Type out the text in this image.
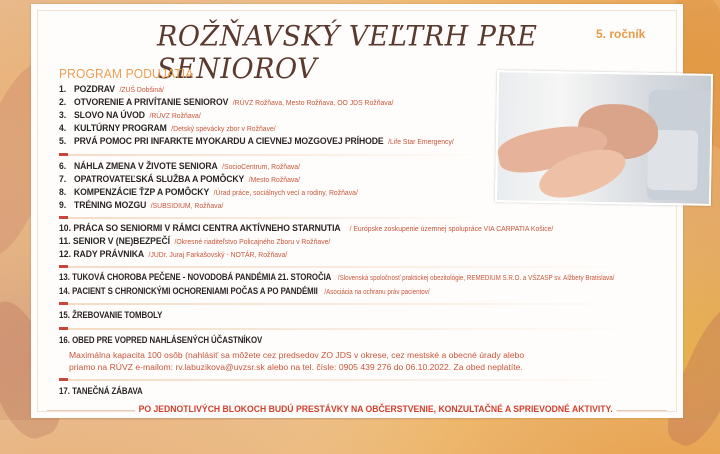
ROŽŇAVSKÝ VEĽTRH PRE SENIOROV
5. ročník
PROGRAM PODUJATIA
1. POZDRAV /ZUŠ Dobšiná/
2. OTVORENIE A PRIVÍTANIE SENIOROV /RÚVZ Rožňava, Mesto Rožňava, OO JDS Rožňava/
3. SLOVO NA ÚVOD /RÚVZ Rožňava/
4. KULTÚRNY PROGRAM /Detský spevácky zbor v Rožňave/
5. PRVÁ POMOC PRI INFARKTE MYOKARDU A CIEVNEJ MOZGOVEJ PRÍHODE /Life Star Emergency/
6. NÁHLA ZMENA V ŽIVOTE SENIORA /SocioCentrum, Rožňava/
7. OPATROVATEĽSKÁ SLUŽBA A POMÔCKY /Mesto Rožňava/
8. KOMPENZÁCIE ŤZP A POMÔCKY /Úrad práce, sociálnych vecí a rodiny, Rožňava/
9. TRÉNING MOZGU /SUBSIDIUM, Rožňava/
10. PRÁCA SO SENIORMI V RÁMCI CENTRA AKTÍVNEHO STARNUTIA / Európske zoskupenie územnej spolupráce VIA CARPATIA Košice/
11. SENIOR V (NE)BEZPEČÍ /Okresné riaditeľstvo Policajného Zboru v Rožňave/
12. RADY PRÁVNIKA /JUDr. Juraj Farkašovský - NOTÁR, Rožňava/
13. TUKOVÁ CHOROBA PEČENE - NOVODOBÁ PANDÉMIA 21. STOROČIA /Slovenská spoločnosť praktickej obezitológie, REMEDIUM S.R.O. a VŠZASP sv. Alžbety Bratislava/
14. PACIENT S CHRONICKÝMI OCHORENIAMI POČAS A PO PANDÉMII /Asociácia na ochranu práv pacientov/
15. ŽREBOVANIE TOMBOLY
16. OBED PRE VOPRED NAHLÁSENÝCH ÚČASTNÍKOV
Maximálna kapacita 100 osôb (nahlásiť sa môžete cez predsedov ZO JDS v okrese, cez mestské a obecné úrady alebo
priamo na RÚVZ e-mailom: rv.labuzikova@uvzsr.sk alebo na tel. čísle: 0905 439 276 do 06.10.2022. Za obed neplatíte.
17. TANEČNÁ ZÁBAVA
PO JEDNOTLIVÝCH BLOKOCH BUDÚ PRESTÁVKY NA OBČERSTVENIE, KONZULTAČNÉ A SPRIEVODNÉ AKTIVITY.
